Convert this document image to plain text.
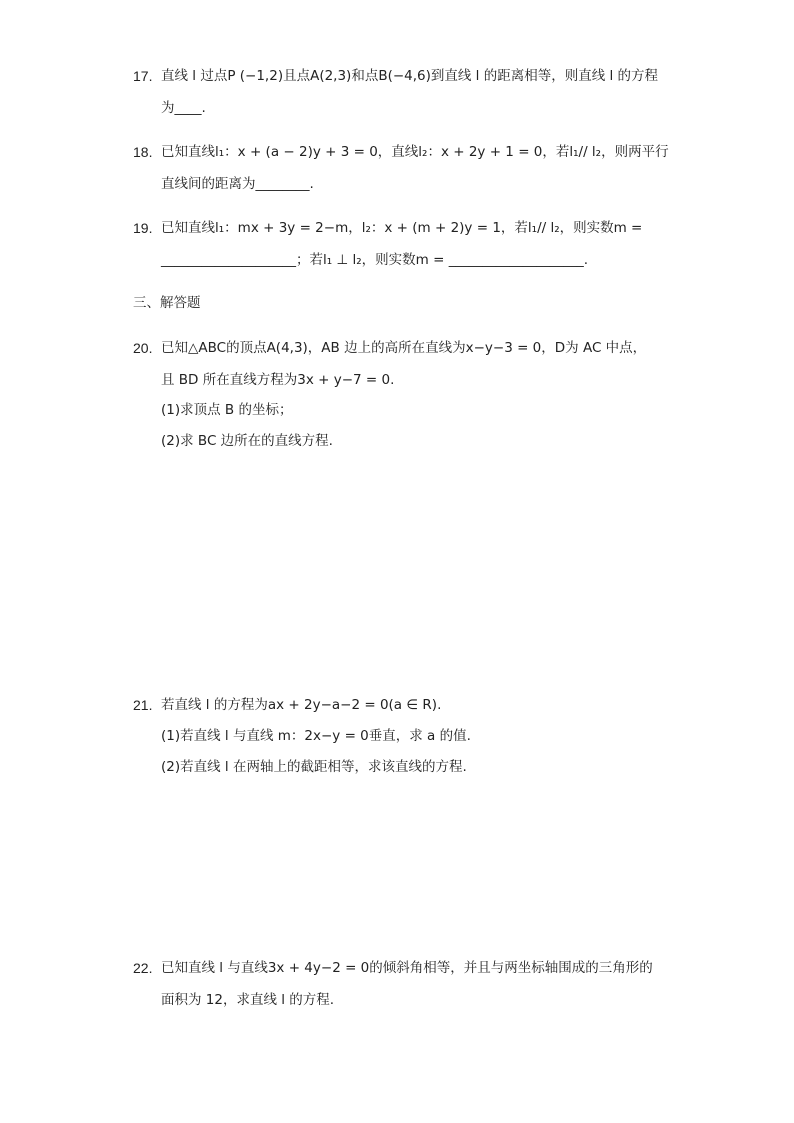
17. 直线 l 过点P (−1,2)且点A(2,3)和点B(−4,6)到直线 l 的距离相等，则直线 l 的方程
为____.
18. 已知直线l₁：x + (a − 2)y + 3 = 0，直线l₂：x + 2y + 1 = 0，若l₁// l₂，则两平行
直线间的距离为________.
19. 已知直线l₁：mx + 3y = 2−m，l₂：x + (m + 2)y = 1，若l₁// l₂，则实数m =
____________________；若l₁ ⊥ l₂，则实数m = ____________________.
三、解答题
20. 已知△ABC的顶点A(4,3)，AB 边上的高所在直线为x−y−3 = 0，D为 AC 中点，
且 BD 所在直线方程为3x + y−7 = 0.
(1)求顶点 B 的坐标；
(2)求 BC 边所在的直线方程.
21. 若直线 l 的方程为ax + 2y−a−2 = 0(a ∈ R).
(1)若直线 l 与直线 m：2x−y = 0垂直，求 a 的值.
(2)若直线 l 在两轴上的截距相等，求该直线的方程.
22. 已知直线 l 与直线3x + 4y−2 = 0的倾斜角相等，并且与两坐标轴围成的三角形的
面积为 12，求直线 l 的方程.
